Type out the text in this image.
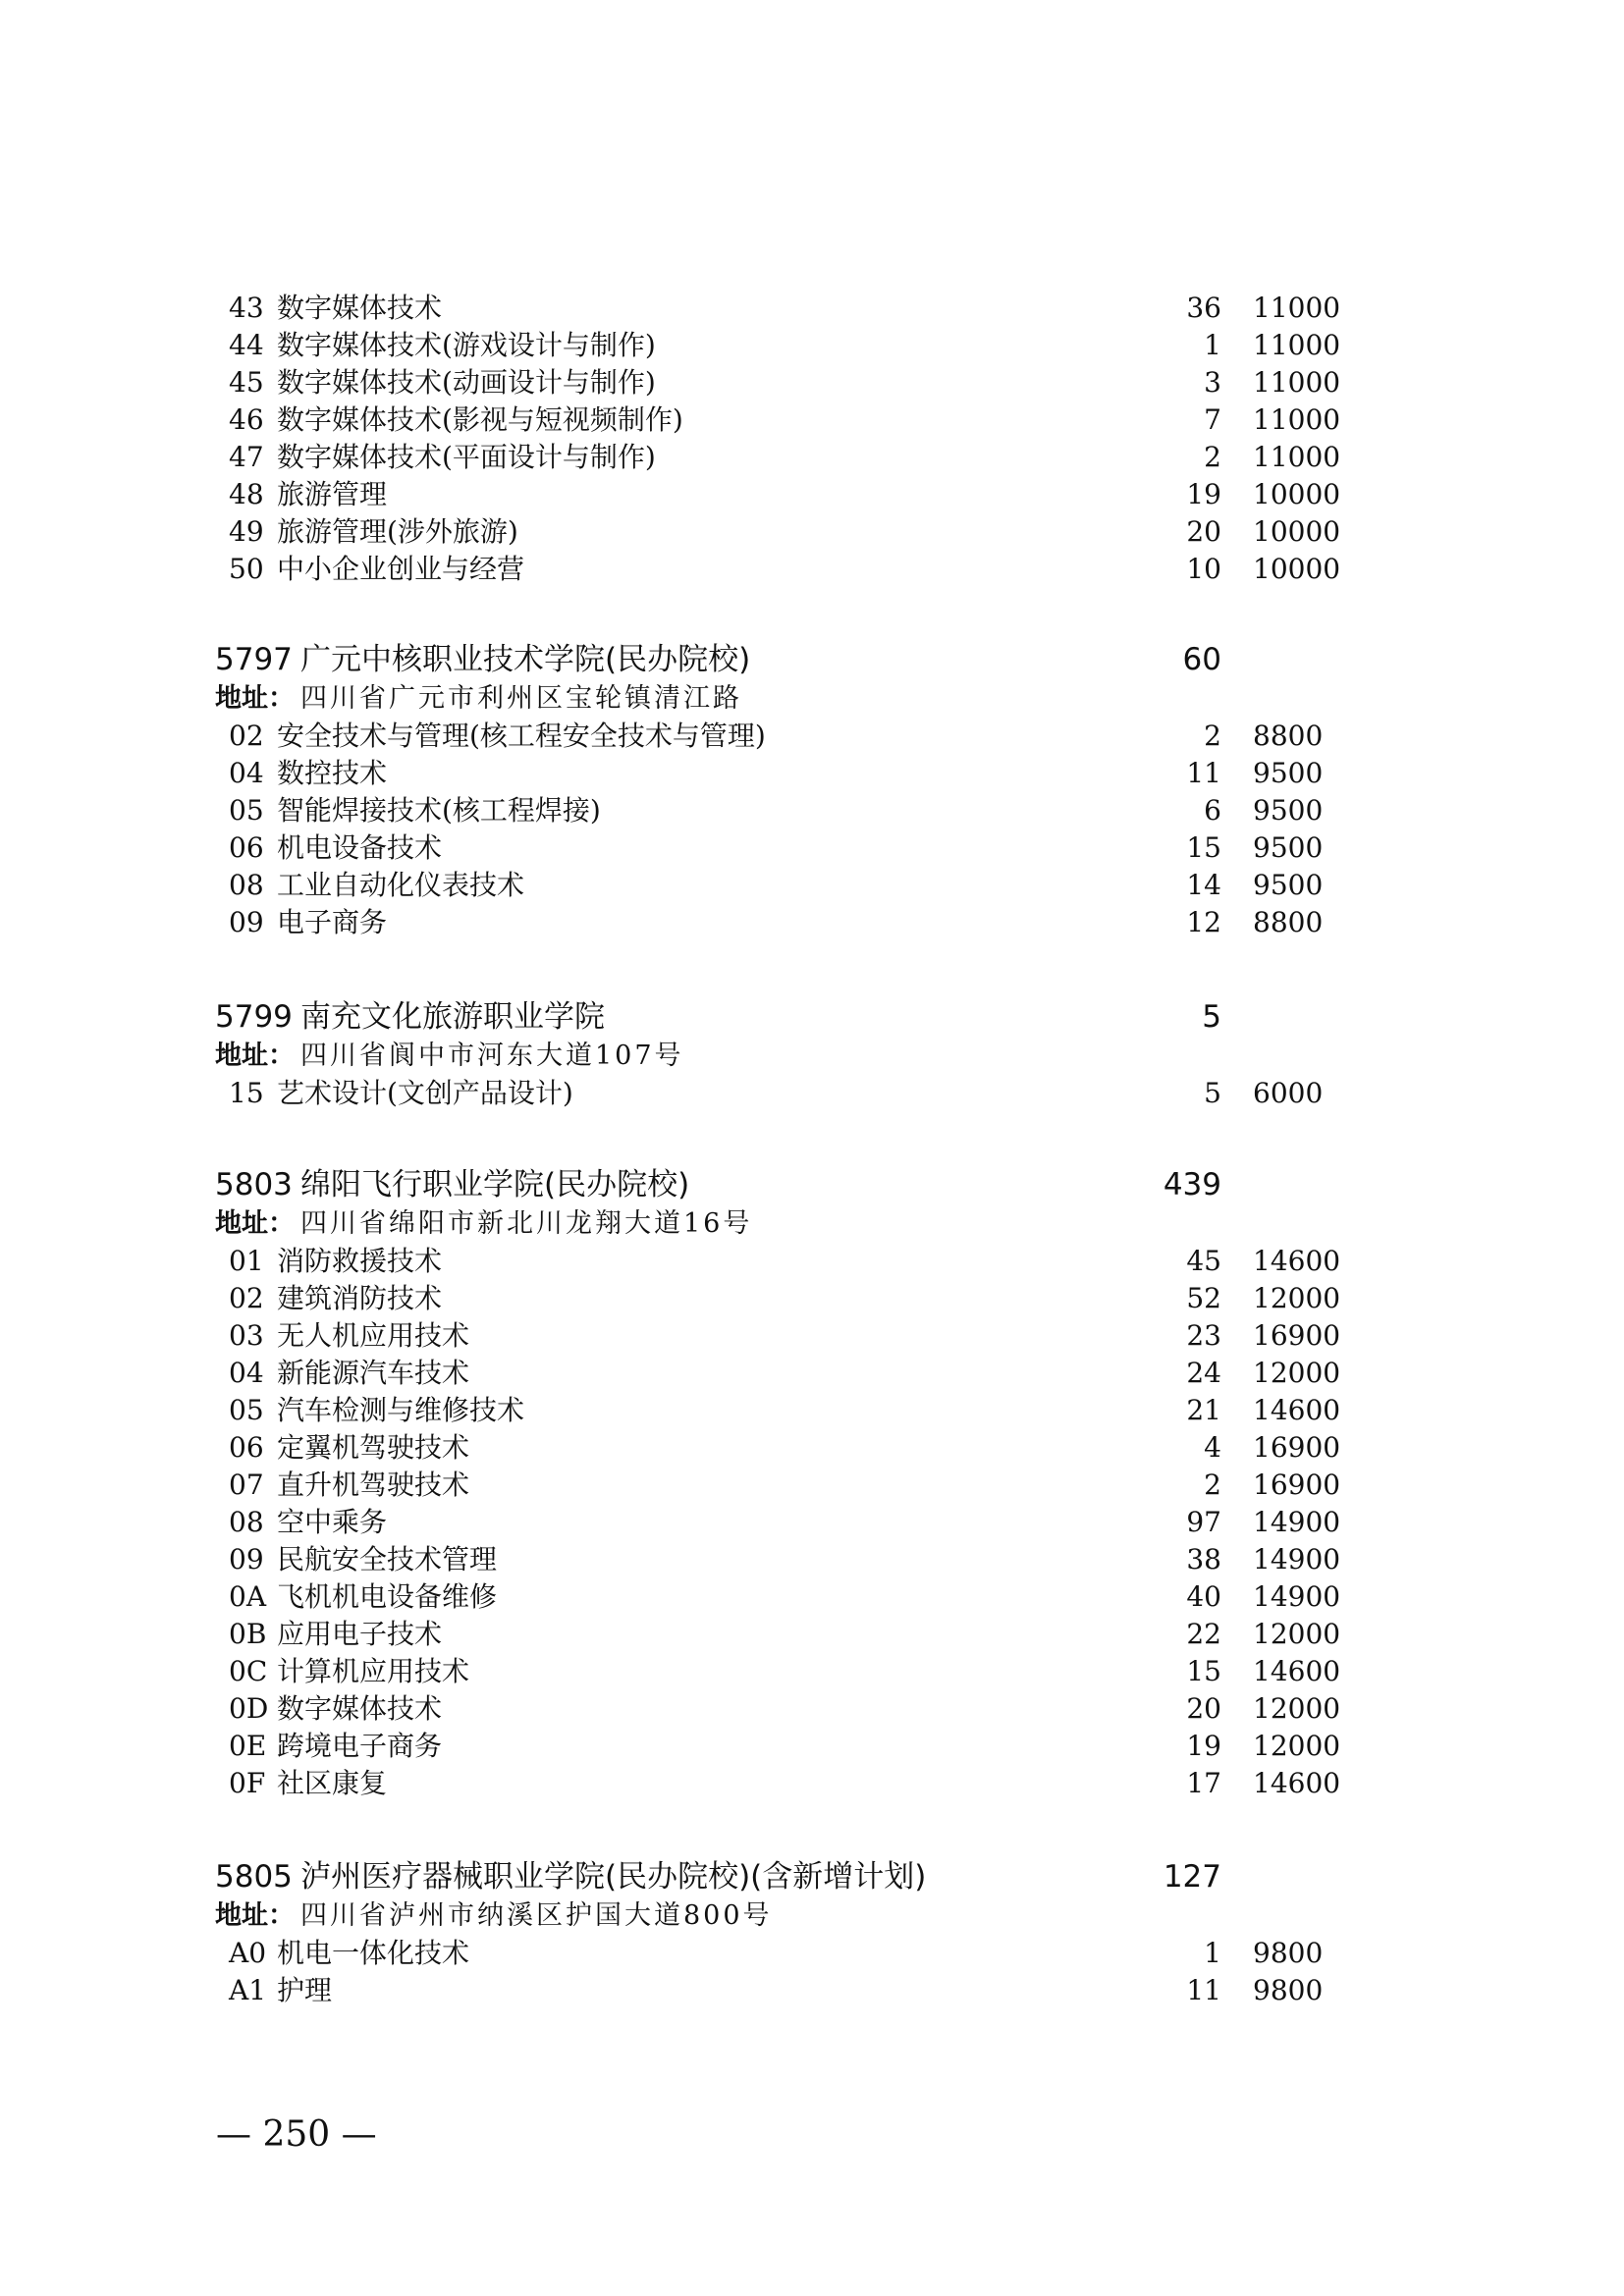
43 数字媒体技术	36 11000
44 数字媒体技术(游戏设计与制作)	1 11000
45 数字媒体技术(动画设计与制作)	3 11000
46 数字媒体技术(影视与短视频制作)	7 11000
47 数字媒体技术(平面设计与制作)	2 11000
48 旅游管理	19 10000
49 旅游管理(涉外旅游)	20 10000
50 中小企业创业与经营	10 10000
5797 广元中核职业技术学院(民办院校)	60
地址： 四川省广元市利州区宝轮镇清江路
02 安全技术与管理(核工程安全技术与管理)	2 8800
04 数控技术	11 9500
05 智能焊接技术(核工程焊接)	6 9500
06 机电设备技术	15 9500
08 工业自动化仪表技术	14 9500
09 电子商务	12 8800
5799 南充文化旅游职业学院	5
地址： 四川省阆中市河东大道107号
15 艺术设计(文创产品设计)	5 6000
5803 绵阳飞行职业学院(民办院校)	439
地址： 四川省绵阳市新北川龙翔大道16号
01 消防救援技术	45 14600
02 建筑消防技术	52 12000
03 无人机应用技术	23 16900
04 新能源汽车技术	24 12000
05 汽车检测与维修技术	21 14600
06 定翼机驾驶技术	4 16900
07 直升机驾驶技术	2 16900
08 空中乘务	97 14900
09 民航安全技术管理	38 14900
0A 飞机机电设备维修	40 14900
0B 应用电子技术	22 12000
0C 计算机应用技术	15 14600
0D 数字媒体技术	20 12000
0E 跨境电子商务	19 12000
0F 社区康复	17 14600
5805 泸州医疗器械职业学院(民办院校)(含新增计划)	127
地址： 四川省泸州市纳溪区护国大道800号
A0 机电一体化技术	1 9800
A1 护理	11 9800
— 250 —
